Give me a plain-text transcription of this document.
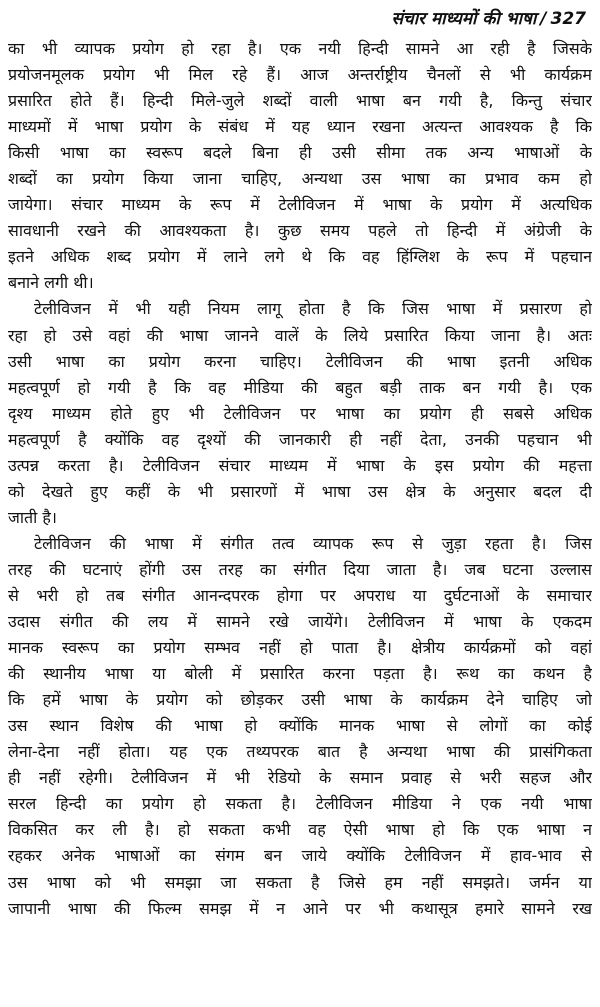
संचार माध्यमों की भाषा / 327
का भी व्यापक प्रयोग हो रहा है। एक नयी हिन्दी सामने आ रही है जिसके
प्रयोजनमूलक प्रयोग भी मिल रहे हैं। आज अन्तर्राष्ट्रीय चैनलों से भी कार्यक्रम
प्रसारित होते हैं। हिन्दी मिले-जुले शब्दों वाली भाषा बन गयी है, किन्तु संचार
माध्यमों में भाषा प्रयोग के संबंध में यह ध्यान रखना अत्यन्त आवश्यक है कि
किसी भाषा का स्वरूप बदले बिना ही उसी सीमा तक अन्य भाषाओं के
शब्दों का प्रयोग किया जाना चाहिए, अन्यथा उस भाषा का प्रभाव कम हो
जायेगा। संचार माध्यम के रूप में टेलीविजन में भाषा के प्रयोग में अत्यधिक
सावधानी रखने की आवश्यकता है। कुछ समय पहले तो हिन्दी में अंग्रेजी के
इतने अधिक शब्द प्रयोग में लाने लगे थे कि वह हिंग्लिश के रूप में पहचान
बनाने लगी थी।
टेलीविजन में भी यही नियम लागू होता है कि जिस भाषा में प्रसारण हो
रहा हो उसे वहां की भाषा जानने वालें के लिये प्रसारित किया जाना है। अतः
उसी भाषा का प्रयोग करना चाहिए। टेलीविजन की भाषा इतनी अधिक
महत्वपूर्ण हो गयी है कि वह मीडिया की बहुत बड़ी ताक बन गयी है। एक
दृश्य माध्यम होते हुए भी टेलीविजन पर भाषा का प्रयोग ही सबसे अधिक
महत्वपूर्ण है क्योंकि वह दृश्यों की जानकारी ही नहीं देता, उनकी पहचान भी
उत्पन्न करता है। टेलीविजन संचार माध्यम में भाषा के इस प्रयोग की महत्ता
को देखते हुए कहीं के भी प्रसारणों में भाषा उस क्षेत्र के अनुसार बदल दी
जाती है।
टेलीविजन की भाषा में संगीत तत्व व्यापक रूप से जुड़ा रहता है। जिस
तरह की घटनाएं होंगी उस तरह का संगीत दिया जाता है। जब घटना उल्लास
से भरी हो तब संगीत आनन्दपरक होगा पर अपराध या दुर्घटनाओं के समाचार
उदास संगीत की लय में सामने रखे जायेंगे। टेलीविजन में भाषा के एकदम
मानक स्वरूप का प्रयोग सम्भव नहीं हो पाता है। क्षेत्रीय कार्यक्रमों को वहां
की स्थानीय भाषा या बोली में प्रसारित करना पड़ता है। रूथ का कथन है
कि हमें भाषा के प्रयोग को छोड़कर उसी भाषा के कार्यक्रम देने चाहिए जो
उस स्थान विशेष की भाषा हो क्योंकि मानक भाषा से लोगों का कोई
लेना-देना नहीं होता। यह एक तथ्यपरक बात है अन्यथा भाषा की प्रासंगिकता
ही नहीं रहेगी। टेलीविजन में भी रेडियो के समान प्रवाह से भरी सहज और
सरल हिन्दी का प्रयोग हो सकता है। टेलीविजन मीडिया ने एक नयी भाषा
विकसित कर ली है। हो सकता कभी वह ऐसी भाषा हो कि एक भाषा न
रहकर अनेक भाषाओं का संगम बन जाये क्योंकि टेलीविजन में हाव-भाव से
उस भाषा को भी समझा जा सकता है जिसे हम नहीं समझते। जर्मन या
जापानी भाषा की फिल्म समझ में न आने पर भी कथासूत्र हमारे सामने रख
